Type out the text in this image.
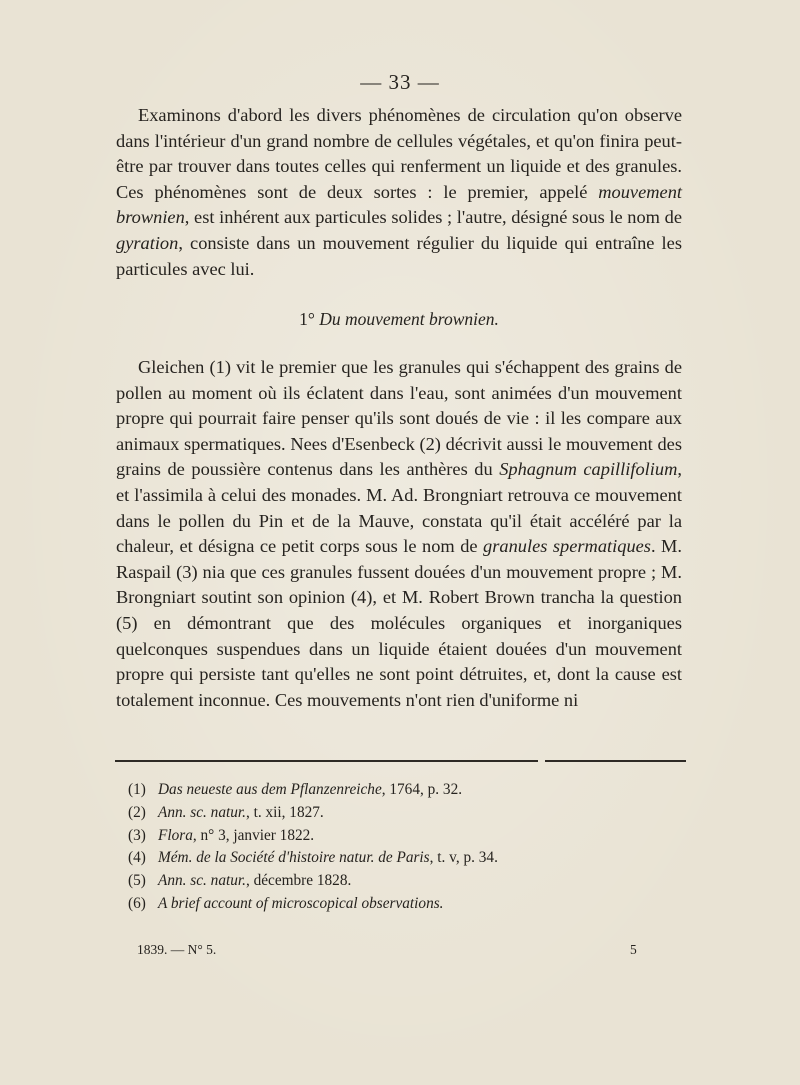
— 33 —

Examinons d'abord les divers phénomènes de circulation qu'on observe dans l'intérieur d'un grand nombre de cellules végétales, et qu'on finira peut-être par trouver dans toutes celles qui renferment un liquide et des granules. Ces phénomènes sont de deux sortes : le premier, appelé mouvement brownien, est inhérent aux particules solides ; l'autre, désigné sous le nom de gyration, consiste dans un mouvement régulier du liquide qui entraîne les particules avec lui.

1° Du mouvement brownien.

Gleichen (1) vit le premier que les granules qui s'échappent des grains de pollen au moment où ils éclatent dans l'eau, sont animées d'un mouvement propre qui pourrait faire penser qu'ils sont doués de vie : il les compare aux animaux spermatiques. Nees d'Esenbeck (2) décrivit aussi le mouvement des grains de poussière contenus dans les anthères du Sphagnum capillifolium, et l'assimila à celui des monades. M. Ad. Brongniart retrouva ce mouvement dans le pollen du Pin et de la Mauve, constata qu'il était accéléré par la chaleur, et désigna ce petit corps sous le nom de granules spermatiques. M. Raspail (3) nia que ces granules fussent douées d'un mouvement propre ; M. Brongniart soutint son opinion (4), et M. Robert Brown trancha la question (5) en démontrant que des molécules organiques et inorganiques quelconques suspendues dans un liquide étaient douées d'un mouvement propre qui persiste tant qu'elles ne sont point détruites, et, dont la cause est totalement inconnue. Ces mouvements n'ont rien d'uniforme ni

(1) Das neueste aus dem Pflanzenreiche, 1764, p. 32.
(2) Ann. sc. natur., t. xii, 1827.
(3) Flora, n° 3, janvier 1822.
(4) Mém. de la Société d'histoire natur. de Paris, t. v, p. 34.
(5) Ann. sc. natur., décembre 1828.
(6) A brief account of microscopical observations.
1839. — N° 5.	5
